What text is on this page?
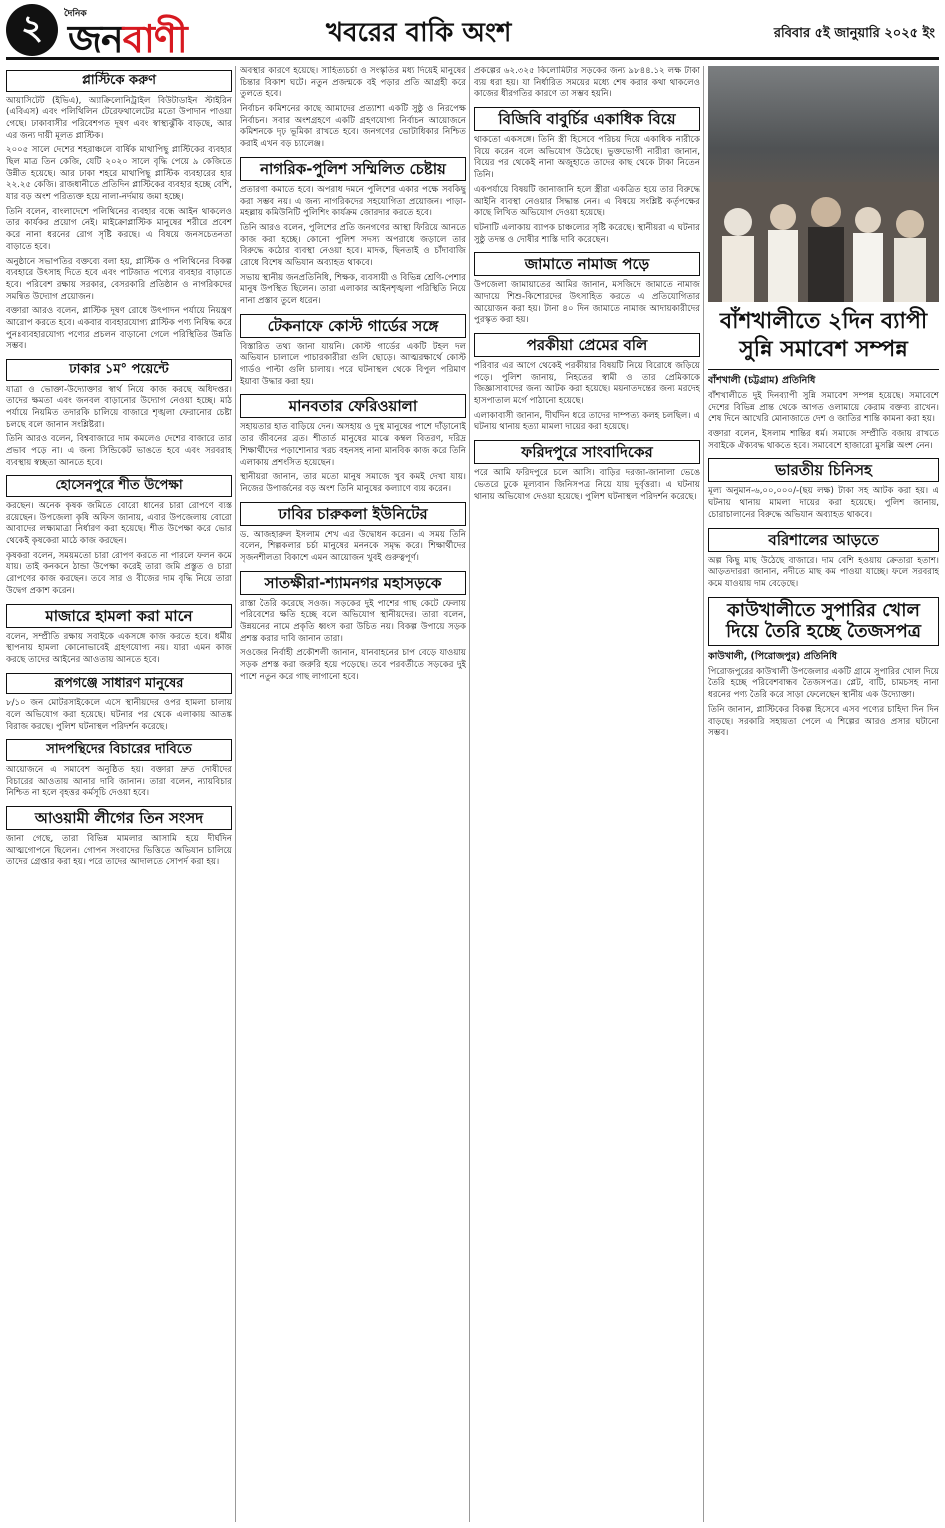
২	দৈনিক
জনবাণী	খবরের বাকি অংশ	রবিবার ৫ই জানুয়ারি ২০২৫ ইং
প্লাস্টিকে করুণ

আয়াসিটেট (ইভিএ), অ্যাক্রিলোনিট্রাইল বিউটাডাইন স্টাইরিন (এবিএস) এবং পলিথিলিন টেরেফথালেটের মতো উপাদান পাওয়া গেছে। ঢাকাবাসীর পরিবেশগত দূষণ এবং স্বাস্থ্যঝুঁকি বাড়ছে, আর এর জন্য দায়ী মূলত প্লাস্টিক।

২০০৫ সালে দেশের শহরাঞ্চলে বার্ষিক মাথাপিছু প্লাস্টিকের ব্যবহার ছিল মাত্র তিন কেজি, যেটি ২০২০ সালে বৃদ্ধি পেয়ে ৯ কেজিতে উন্নীত হয়েছে। আর ঢাকা শহরে মাথাপিছু প্লাস্টিক ব্যবহারের হার ২২.২৫ কেজি। রাজধানীতে প্রতিদিন প্লাস্টিকের ব্যবহার হচ্ছে বেশি, যার বড় অংশ পরিত্যক্ত হয়ে নালা-নর্দমায় জমা হচ্ছে।

তিনি বলেন, বাংলাদেশে পলিথিনের ব্যবহার বন্ধে আইন থাকলেও তার কার্যকর প্রয়োগ নেই। মাইক্রোপ্লাস্টিক মানুষের শরীরে প্রবেশ করে নানা ধরনের রোগ সৃষ্টি করছে। এ বিষয়ে জনসচেতনতা বাড়াতে হবে।

অনুষ্ঠানে সভাপতির বক্তব্যে বলা হয়, প্লাস্টিক ও পলিথিনের বিকল্প ব্যবহারে উৎসাহ দিতে হবে এবং পাটজাত পণ্যের ব্যবহার বাড়াতে হবে। পরিবেশ রক্ষায় সরকার, বেসরকারি প্রতিষ্ঠান ও নাগরিকদের সমন্বিত উদ্যোগ প্রয়োজন।

বক্তারা আরও বলেন, প্লাস্টিক দূষণ রোধে উৎপাদন পর্যায়ে নিয়ন্ত্রণ আরোপ করতে হবে। একবার ব্যবহারযোগ্য প্লাস্টিক পণ্য নিষিদ্ধ করে পুনঃব্যবহারযোগ্য পণ্যের প্রচলন বাড়ানো গেলে পরিস্থিতির উন্নতি সম্ভব।

ঢাকার ১ম° পয়েন্টে

যাত্রা ও ভোক্তা-উদ্যোক্তার স্বার্থ নিয়ে কাজ করছে অধিদপ্তর। তাদের ক্ষমতা এবং জনবল বাড়ানোর উদ্যোগ নেওয়া হচ্ছে। মাঠ পর্যায়ে নিয়মিত তদারকি চালিয়ে বাজারে শৃঙ্খলা ফেরানোর চেষ্টা চলছে বলে জানান সংশ্লিষ্টরা।

তিনি আরও বলেন, বিশ্ববাজারে দাম কমলেও দেশের বাজারে তার প্রভাব পড়ে না। এ জন্য সিন্ডিকেট ভাঙতে হবে এবং সরবরাহ ব্যবস্থায় স্বচ্ছতা আনতে হবে।

হোসেনপুরে শীত উপেক্ষা

করছেন। অনেক কৃষক জমিতে বোরো ধানের চারা রোপণে ব্যস্ত রয়েছেন। উপজেলা কৃষি অফিস জানায়, এবার উপজেলায় বোরো আবাদের লক্ষ্যমাত্রা নির্ধারণ করা হয়েছে। শীত উপেক্ষা করে ভোর থেকেই কৃষকেরা মাঠে কাজ করছেন।

কৃষকরা বলেন, সময়মতো চারা রোপণ করতে না পারলে ফলন কমে যায়। তাই কনকনে ঠান্ডা উপেক্ষা করেই তারা জমি প্রস্তুত ও চারা রোপণের কাজ করছেন। তবে সার ও বীজের দাম বৃদ্ধি নিয়ে তারা উদ্বেগ প্রকাশ করেন।

মাজারে হামলা করা মানে

বলেন, সম্প্রীতি রক্ষায় সবাইকে একসঙ্গে কাজ করতে হবে। ধর্মীয় স্থাপনায় হামলা কোনোভাবেই গ্রহণযোগ্য নয়। যারা এমন কাজ করছে তাদের আইনের আওতায় আনতে হবে।

রূপগঞ্জে সাধারণ মানুষের

৮/১০ জন মোটরসাইকেলে এসে স্থানীয়দের ওপর হামলা চালায় বলে অভিযোগ করা হয়েছে। ঘটনার পর থেকে এলাকায় আতঙ্ক বিরাজ করছে। পুলিশ ঘটনাস্থল পরিদর্শন করেছে।

সাদপন্থিদের বিচারের দাবিতে

আয়োজনে এ সমাবেশ অনুষ্ঠিত হয়। বক্তারা দ্রুত দোষীদের বিচারের আওতায় আনার দাবি জানান। তারা বলেন, ন্যায়বিচার নিশ্চিত না হলে বৃহত্তর কর্মসূচি দেওয়া হবে।

আওয়ামী লীগের তিন সংসদ

জানা গেছে, তারা বিভিন্ন মামলার আসামি হয়ে দীর্ঘদিন আত্মগোপনে ছিলেন। গোপন সংবাদের ভিত্তিতে অভিযান চালিয়ে তাদের গ্রেপ্তার করা হয়। পরে তাদের আদালতে সোপর্দ করা হয়।

অবস্থার কারণে হয়েছে। সাহিত্যচর্চা ও সংস্কৃতির মধ্য দিয়েই মানুষের চিন্তার বিকাশ ঘটে। নতুন প্রজন্মকে বই পড়ার প্রতি আগ্রহী করে তুলতে হবে।

নির্বাচন কমিশনের কাছে আমাদের প্রত্যাশা একটি সুষ্ঠু ও নিরপেক্ষ নির্বাচন। সবার অংশগ্রহণে একটি গ্রহণযোগ্য নির্বাচন আয়োজনে কমিশনকে দৃঢ় ভূমিকা রাখতে হবে। জনগণের ভোটাধিকার নিশ্চিত করাই এখন বড় চ্যালেঞ্জ।

নাগরিক-পুলিশ সম্মিলিত চেষ্টায়

প্রতারণা কমাতে হবে। অপরাধ দমনে পুলিশের একার পক্ষে সবকিছু করা সম্ভব নয়। এ জন্য নাগরিকদের সহযোগিতা প্রয়োজন। পাড়া-মহল্লায় কমিউনিটি পুলিশিং কার্যক্রম জোরদার করতে হবে।

তিনি আরও বলেন, পুলিশের প্রতি জনগণের আস্থা ফিরিয়ে আনতে কাজ করা হচ্ছে। কোনো পুলিশ সদস্য অপরাধে জড়ালে তার বিরুদ্ধে কঠোর ব্যবস্থা নেওয়া হবে। মাদক, ছিনতাই ও চাঁদাবাজি রোধে বিশেষ অভিযান অব্যাহত থাকবে।

সভায় স্থানীয় জনপ্রতিনিধি, শিক্ষক, ব্যবসায়ী ও বিভিন্ন শ্রেণি-পেশার মানুষ উপস্থিত ছিলেন। তারা এলাকার আইনশৃঙ্খলা পরিস্থিতি নিয়ে নানা প্রস্তাব তুলে ধরেন।

টেকনাফে কোস্ট গার্ডের সঙ্গে

বিস্তারিত তথ্য জানা যায়নি। কোস্ট গার্ডের একটি টহল দল অভিযান চালালে পাচারকারীরা গুলি ছোড়ে। আত্মরক্ষার্থে কোস্ট গার্ডও পাল্টা গুলি চালায়। পরে ঘটনাস্থল থেকে বিপুল পরিমাণ ইয়াবা উদ্ধার করা হয়।

মানবতার ফেরিওয়ালা

সহায়তার হাত বাড়িয়ে দেন। অসহায় ও দুস্থ মানুষের পাশে দাঁড়ানোই তার জীবনের ব্রত। শীতার্ত মানুষের মাঝে কম্বল বিতরণ, দরিদ্র শিক্ষার্থীদের পড়াশোনার খরচ বহনসহ নানা মানবিক কাজ করে তিনি এলাকায় প্রশংসিত হয়েছেন।

স্থানীয়রা জানান, তার মতো মানুষ সমাজে খুব কমই দেখা যায়। নিজের উপার্জনের বড় অংশ তিনি মানুষের কল্যাণে ব্যয় করেন।

ঢাবির চারুকলা ইউনিটের

ড. আজহারুল ইসলাম শেখ এর উদ্বোধন করেন। এ সময় তিনি বলেন, শিল্পকলার চর্চা মানুষের মননকে সমৃদ্ধ করে। শিক্ষার্থীদের সৃজনশীলতা বিকাশে এমন আয়োজন খুবই গুরুত্বপূর্ণ।

সাতক্ষীরা-শ্যামনগর মহাসড়কে

রাস্তা তৈরি করেছে সওজ। সড়কের দুই পাশের গাছ কেটে ফেলায় পরিবেশের ক্ষতি হচ্ছে বলে অভিযোগ স্থানীয়দের। তারা বলেন, উন্নয়নের নামে প্রকৃতি ধ্বংস করা উচিত নয়। বিকল্প উপায়ে সড়ক প্রশস্ত করার দাবি জানান তারা।

সওজের নির্বাহী প্রকৌশলী জানান, যানবাহনের চাপ বেড়ে যাওয়ায় সড়ক প্রশস্ত করা জরুরি হয়ে পড়েছে। তবে পরবর্তীতে সড়কের দুই পাশে নতুন করে গাছ লাগানো হবে।

প্রকল্পের ৬২.৩২৫ কিলোমিটার সড়কের জন্য ৯৮৪৪.১২ লক্ষ টাকা ব্যয় ধরা হয়। যা নির্ধারিত সময়ের মধ্যে শেষ করার কথা থাকলেও কাজের ধীরগতির কারণে তা সম্ভব হয়নি।

বিজিবি বাবুর্চির একাধিক বিয়ে

থাকতো একসঙ্গে। তিনি স্ত্রী হিসেবে পরিচয় দিয়ে একাধিক নারীকে বিয়ে করেন বলে অভিযোগ উঠেছে। ভুক্তভোগী নারীরা জানান, বিয়ের পর থেকেই নানা অজুহাতে তাদের কাছ থেকে টাকা নিতেন তিনি।

একপর্যায়ে বিষয়টি জানাজানি হলে স্ত্রীরা একত্রিত হয়ে তার বিরুদ্ধে আইনি ব্যবস্থা নেওয়ার সিদ্ধান্ত নেন। এ বিষয়ে সংশ্লিষ্ট কর্তৃপক্ষের কাছে লিখিত অভিযোগ দেওয়া হয়েছে।

ঘটনাটি এলাকায় ব্যাপক চাঞ্চল্যের সৃষ্টি করেছে। স্থানীয়রা এ ঘটনার সুষ্ঠু তদন্ত ও দোষীর শাস্তি দাবি করেছেন।

জামাতে নামাজ পড়ে

উপজেলা জামায়াতের আমির জানান, মসজিদে জামাতে নামাজ আদায়ে শিশু-কিশোরদের উৎসাহিত করতে এ প্রতিযোগিতার আয়োজন করা হয়। টানা ৪০ দিন জামাতে নামাজ আদায়কারীদের পুরস্কৃত করা হয়।

পরকীয়া প্রেমের বলি

পরিবার এর আগে থেকেই পরকীয়ার বিষয়টি নিয়ে বিরোধে জড়িয়ে পড়ে। পুলিশ জানায়, নিহতের স্বামী ও তার প্রেমিকাকে জিজ্ঞাসাবাদের জন্য আটক করা হয়েছে। ময়নাতদন্তের জন্য মরদেহ হাসপাতাল মর্গে পাঠানো হয়েছে।

এলাকাবাসী জানান, দীর্ঘদিন ধরে তাদের দাম্পত্য কলহ চলছিল। এ ঘটনায় থানায় হত্যা মামলা দায়ের করা হয়েছে।

ফরিদপুরে সাংবাদিকের

পরে আমি ফরিদপুরে চলে আসি। বাড়ির দরজা-জানালা ভেঙে ভেতরে ঢুকে মূল্যবান জিনিসপত্র নিয়ে যায় দুর্বৃত্তরা। এ ঘটনায় থানায় অভিযোগ দেওয়া হয়েছে। পুলিশ ঘটনাস্থল পরিদর্শন করেছে।

বাঁশখালীতে ২দিন ব্যাপী সুন্নি সমাবেশ সম্পন্ন
বাঁশখালী (চট্টগ্রাম) প্রতিনিধি

বাঁশখালীতে দুই দিনব্যাপী সুন্নি সমাবেশ সম্পন্ন হয়েছে। সমাবেশে দেশের বিভিন্ন প্রান্ত থেকে আগত ওলামায়ে কেরাম বক্তব্য রাখেন। শেষ দিনে আখেরি মোনাজাতে দেশ ও জাতির শান্তি কামনা করা হয়।

বক্তারা বলেন, ইসলাম শান্তির ধর্ম। সমাজে সম্প্রীতি বজায় রাখতে সবাইকে ঐক্যবদ্ধ থাকতে হবে। সমাবেশে হাজারো মুসল্লি অংশ নেন।

ভারতীয় চিনিসহ

মূল্য অনুমান-৬,০০,০০০/-(ছয় লক্ষ) টাকা সহ আটক করা হয়। এ ঘটনায় থানায় মামলা দায়ের করা হয়েছে। পুলিশ জানায়, চোরাচালানের বিরুদ্ধে অভিযান অব্যাহত থাকবে।

বরিশালের আড়তে

অল্প কিছু মাছ উঠেছে বাজারে। দাম বেশি হওয়ায় ক্রেতারা হতাশ। আড়তদাররা জানান, নদীতে মাছ কম পাওয়া যাচ্ছে। ফলে সরবরাহ কমে যাওয়ায় দাম বেড়েছে।

কাউখালীতে সুপারির খোল দিয়ে তৈরি হচ্ছে তৈজসপত্র
কাউখালী, (পিরোজপুর) প্রতিনিধি

পিরোজপুরের কাউখালী উপজেলার একটি গ্রামে সুপারির খোল দিয়ে তৈরি হচ্ছে পরিবেশবান্ধব তৈজসপত্র। প্লেট, বাটি, চামচসহ নানা ধরনের পণ্য তৈরি করে সাড়া ফেলেছেন স্থানীয় এক উদ্যোক্তা।

তিনি জানান, প্লাস্টিকের বিকল্প হিসেবে এসব পণ্যের চাহিদা দিন দিন বাড়ছে। সরকারি সহায়তা পেলে এ শিল্পের আরও প্রসার ঘটানো সম্ভব।
